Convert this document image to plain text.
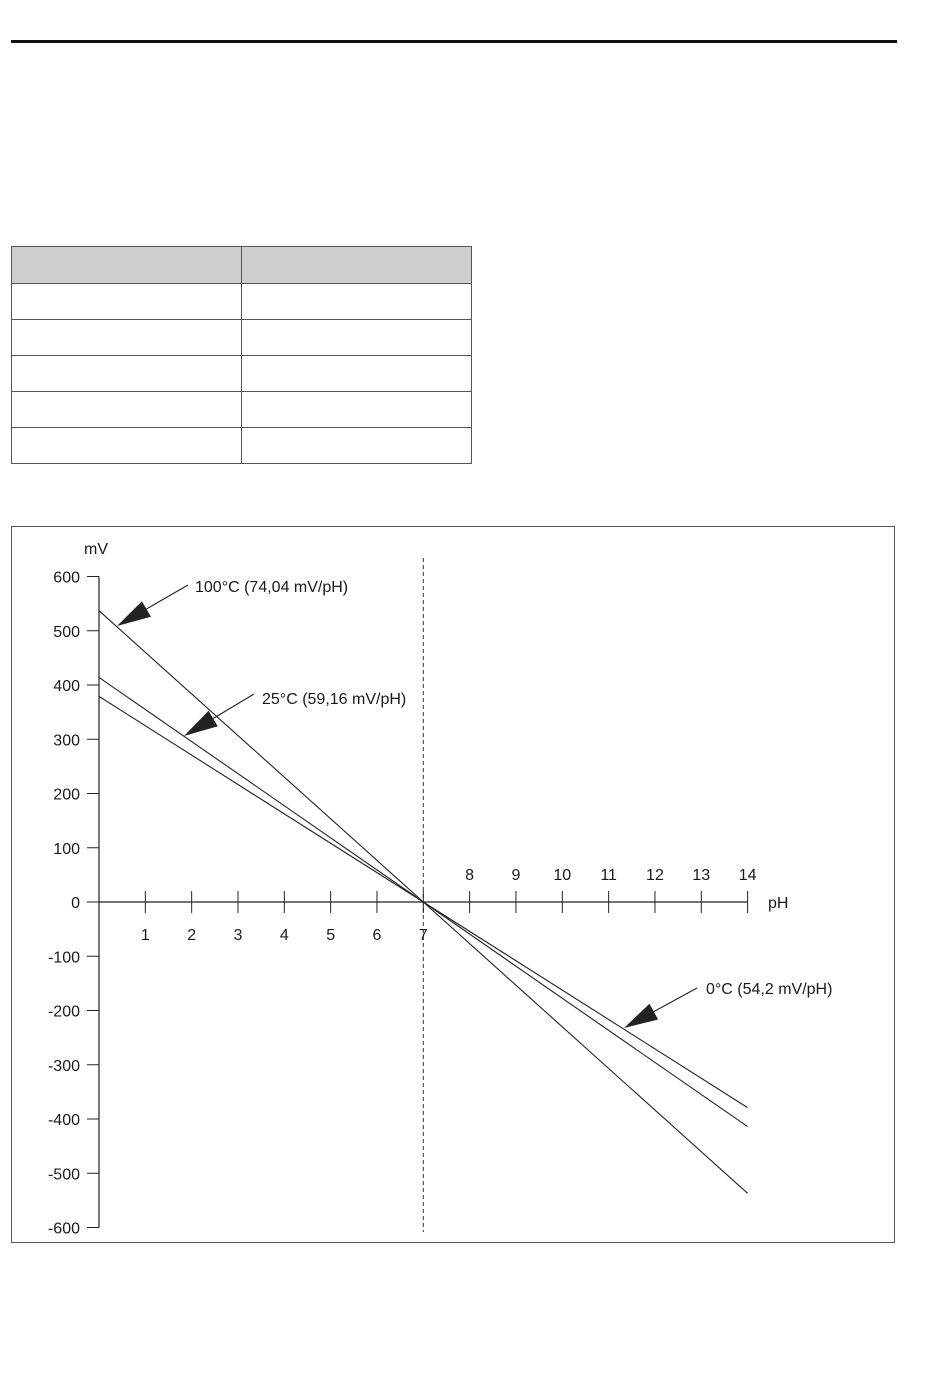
600
500
400
300
200
100
0
-100
-200
-300
-400
-500
-600
1 2 3 4 5 6 7
8 9 10 11 12 13 14
100°C (74,04 mV/pH)
25°C (59,16 mV/pH)
0°C (54,2 mV/pH)
mV
pH
